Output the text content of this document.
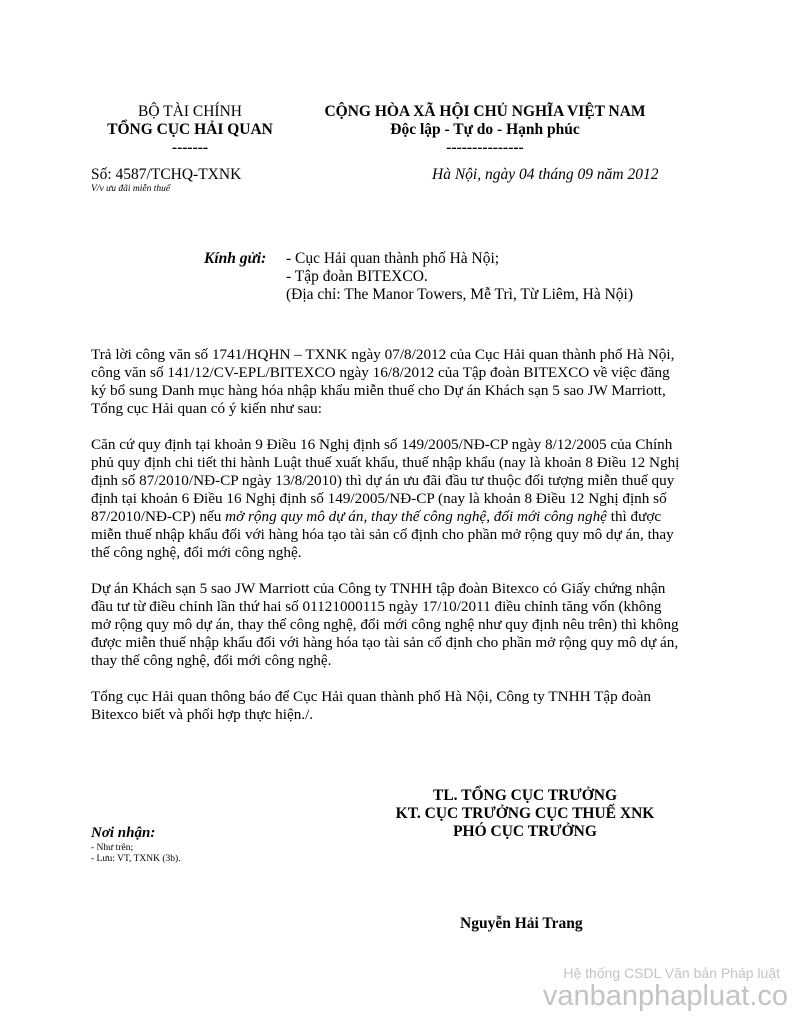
BỘ TÀI CHÍNH
TỔNG CỤC HẢI QUAN
-------
Số: 4587/TCHQ-TXNK
V/v ưu đãi miễn thuế
CỘNG HÒA XÃ HỘI CHỦ NGHĨA VIỆT NAM
Độc lập - Tự do - Hạnh phúc
---------------
Hà Nội, ngày 04 tháng 09 năm 2012
Kính gửi: - Cục Hải quan thành phố Hà Nội;
- Tập đoàn BITEXCO.
(Địa chỉ: The Manor Towers, Mễ Trì, Từ Liêm, Hà Nội)

Trả lời công văn số 1741/HQHN – TXNK ngày 07/8/2012 của Cục Hải quan thành phố Hà Nội,

công văn số 141/12/CV-EPL/BITEXCO ngày 16/8/2012 của Tập đoàn BITEXCO về việc đăng

ký bổ sung Danh mục hàng hóa nhập khẩu miễn thuế cho Dự án Khách sạn 5 sao JW Marriott,

Tổng cục Hải quan có ý kiến như sau:

Căn cứ quy định tại khoản 9 Điều 16 Nghị định số 149/2005/NĐ-CP ngày 8/12/2005 của Chính

phủ quy định chi tiết thi hành Luật thuế xuất khẩu, thuế nhập khẩu (nay là khoản 8 Điều 12 Nghị

định số 87/2010/NĐ-CP ngày 13/8/2010) thì dự án ưu đãi đầu tư thuộc đối tượng miễn thuế quy

định tại khoản 6 Điều 16 Nghị định số 149/2005/NĐ-CP (nay là khoản 8 Điều 12 Nghị định số

87/2010/NĐ-CP) nếu mở rộng quy mô dự án, thay thế công nghệ, đổi mới công nghệ thì được

miễn thuế nhập khẩu đối với hàng hóa tạo tài sản cố định cho phần mở rộng quy mô dự án, thay

thế công nghệ, đổi mới công nghệ.

Dự án Khách sạn 5 sao JW Marriott của Công ty TNHH tập đoàn Bitexco có Giấy chứng nhận

đầu tư từ điều chỉnh lần thứ hai số 01121000115 ngày 17/10/2011 điều chỉnh tăng vốn (không

mở rộng quy mô dự án, thay thế công nghệ, đổi mới công nghệ như quy định nêu trên) thì không

được miễn thuế nhập khẩu đối với hàng hóa tạo tài sản cố định cho phần mở rộng quy mô dự án,

thay thế công nghệ, đổi mới công nghệ.

Tổng cục Hải quan thông báo để Cục Hải quan thành phố Hà Nội, Công ty TNHH Tập đoàn

Bitexco biết và phối hợp thực hiện./.

TL. TỔNG CỤC TRƯỞNG
KT. CỤC TRƯỞNG CỤC THUẾ XNK
PHÓ CỤC TRƯỞNG
Nguyễn Hải Trang
Nơi nhận:
- Như trên;
- Lưu: VT, TXNK (3b).
Hệ thống CSDL Văn bản Pháp luật
vanbanphapluat.co
